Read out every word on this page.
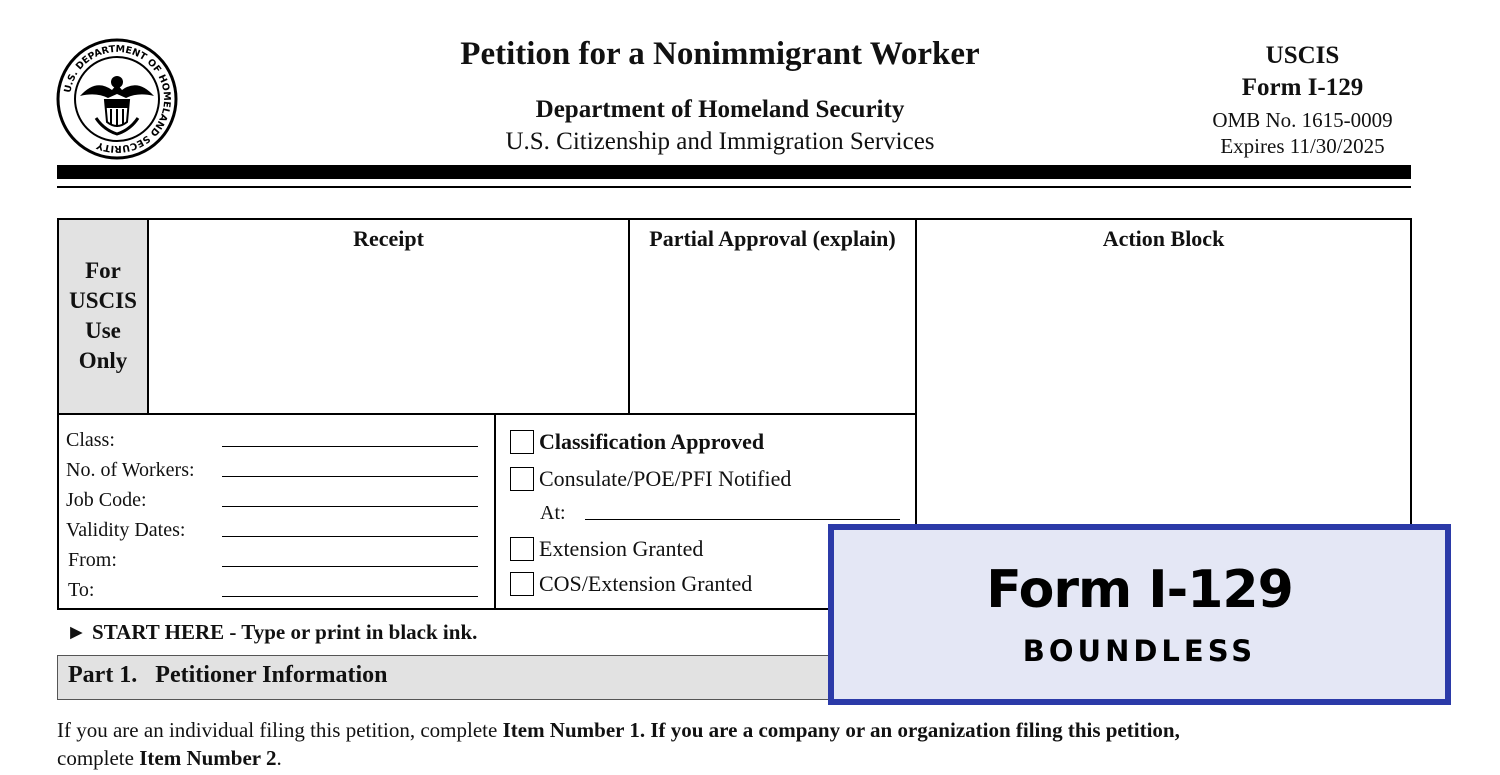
U.S. DEPARTMENT OF HOMELAND SECURITY
Petition for a Nonimmigrant Worker
Department of Homeland Security
U.S. Citizenship and Immigration Services
USCIS
Form I-129
OMB No. 1615-0009
Expires 11/30/2025
For
USCIS
Use
Only
Receipt	Partial Approval (explain)	Action Block
Class:
No. of Workers:
Job Code:
Validity Dates:
From:
To:
Classification Approved
Consulate/POE/PFI Notified
At:
Extension Granted
COS/Extension Granted
► START HERE - Type or print in black ink.
Part 1.   Petitioner Information
If you are an individual filing this petition, complete Item Number 1. If you are a company or an organization filing this petition,
complete Item Number 2.
Form I-129
BOUNDLESS
